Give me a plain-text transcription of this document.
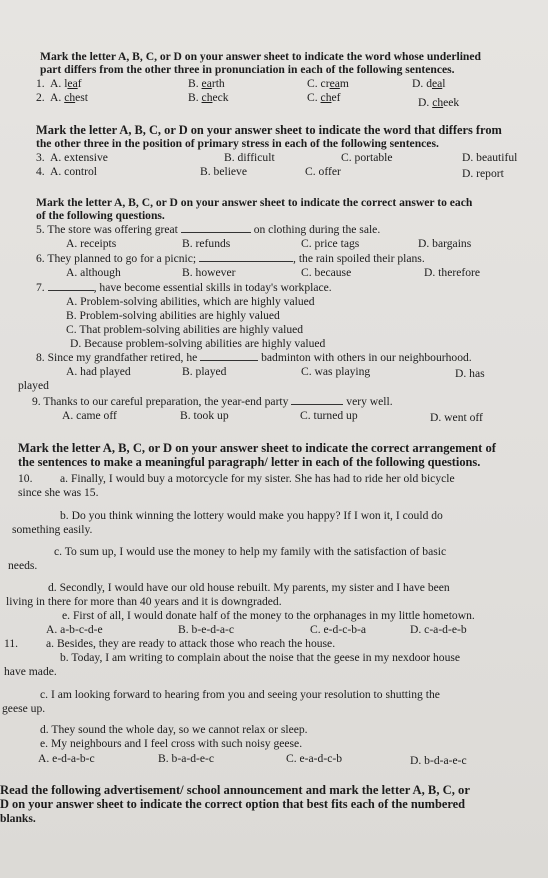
Mark the letter A, B, C, or D on your answer sheet to indicate the word whose underlined
part differs from the other three in pronunciation in each of the following sentences.
1. A. leaf	B. earth	C. cream	D. deal
2. A. chest	B. check	C. chef	D. cheek
Mark the letter A, B, C, or D on your answer sheet to indicate the word that differs from
the other three in the position of primary stress in each of the following sentences.
3. A. extensive	B. difficult	C. portable	D. beautiful
4. A. control	B. believe	C. offer	D. report
Mark the letter A, B, C, or D on your answer sheet to indicate the correct answer to each
of the following questions.
5. The store was offering great	on clothing during the sale.
A. receipts	B. refunds	C. price tags	D. bargains
6. They planned to go for a picnic;	, the rain spoiled their plans.
A. although	B. however	C. because	D. therefore
7.	, have become essential skills in today's workplace.
A. Problem-solving abilities, which are highly valued
B. Problem-solving abilities are highly valued
C. That problem-solving abilities are highly valued
D. Because problem-solving abilities are highly valued
8. Since my grandfather retired, he	badminton with others in our neighbourhood.
A. had played	B. played	C. was playing	D. has
played
9. Thanks to our careful preparation, the year-end party	very well.
A. came off	B. took up	C. turned up	D. went off
Mark the letter A, B, C, or D on your answer sheet to indicate the correct arrangement of
the sentences to make a meaningful paragraph/ letter in each of the following questions.
10. a. Finally, I would buy a motorcycle for my sister. She has had to ride her old bicycle
since she was 15.
b. Do you think winning the lottery would make you happy? If I won it, I could do
something easily.
c. To sum up, I would use the money to help my family with the satisfaction of basic
needs.
d. Secondly, I would have our old house rebuilt. My parents, my sister and I have been
living in there for more than 40 years and it is downgraded.
e. First of all, I would donate half of the money to the orphanages in my little hometown.
A. a-b-c-d-e	B. b-e-d-a-c	C. e-d-c-b-a	D. c-a-d-e-b
11. a. Besides, they are ready to attack those who reach the house.
b. Today, I am writing to complain about the noise that the geese in my nexdoor house
have made.
c. I am looking forward to hearing from you and seeing your resolution to shutting the
geese up.
d. They sound the whole day, so we cannot relax or sleep.
e. My neighbours and I feel cross with such noisy geese.
A. e-d-a-b-c	B. b-a-d-e-c	C. e-a-d-c-b	D. b-d-a-e-c
Read the following advertisement/ school announcement and mark the letter A, B, C, or
D on your answer sheet to indicate the correct option that best fits each of the numbered
blanks.
